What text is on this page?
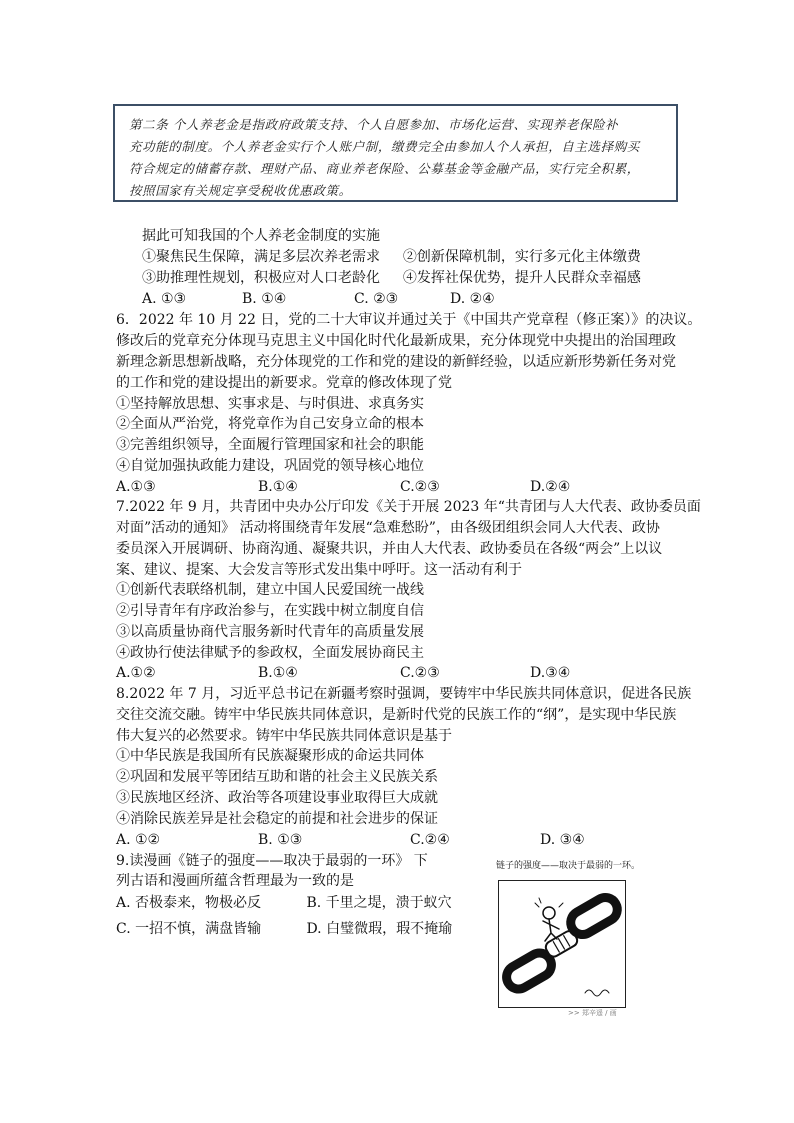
第二条 个人养老金是指政府政策支持、个人自愿参加、市场化运营、实现养老保险补

充功能的制度。个人养老金实行个人账户制，缴费完全由参加人个人承担，自主选择购买

符合规定的储蓄存款、理财产品、商业养老保险、公募基金等金融产品，实行完全积累，

按照国家有关规定享受税收优惠政策。

据此可知我国的个人养老金制度的实施
①聚焦民生保障，满足多层次养老需求 ②创新保障机制，实行多元化主体缴费
③助推理性规划，积极应对人口老龄化 ④发挥社保优势，提升人民群众幸福感
A. ①③	B. ①④	C. ②③	D. ②④
6．2022 年 10 月 22 日，党的二十大审议并通过关于《中国共产党章程（修正案）》的决议。
修改后的党章充分体现马克思主义中国化时代化最新成果，充分体现党中央提出的治国理政
新理念新思想新战略，充分体现党的工作和党的建设的新鲜经验，以适应新形势新任务对党
的工作和党的建设提出的新要求。党章的修改体现了党
①坚持解放思想、实事求是、与时俱进、求真务实
②全面从严治党，将党章作为自己安身立命的根本
③完善组织领导，全面履行管理国家和社会的职能
④自觉加强执政能力建设，巩固党的领导核心地位
A.①③	B.①④	C.②③	D.②④
7.2022 年 9 月，共青团中央办公厅印发《关于开展 2023 年“共青团与人大代表、政协委员面
对面”活动的通知》 活动将围绕青年发展“急难愁盼”，由各级团组织会同人大代表、政协
委员深入开展调研、协商沟通、凝聚共识，并由人大代表、政协委员在各级“两会”上以议
案、建议、提案、大会发言等形式发出集中呼吁。这一活动有利于
①创新代表联络机制，建立中国人民爱国统一战线
②引导青年有序政治参与，在实践中树立制度自信
③以高质量协商代言服务新时代青年的高质量发展
④政协行使法律赋予的参政权，全面发展协商民主
A.①②	B.①④	C.②③	D.③④
8.2022 年 7 月，习近平总书记在新疆考察时强调，要铸牢中华民族共同体意识，促进各民族
交往交流交融。铸牢中华民族共同体意识，是新时代党的民族工作的“纲”，是实现中华民族
伟大复兴的必然要求。铸牢中华民族共同体意识是基于
①中华民族是我国所有民族凝聚形成的命运共同体
②巩固和发展平等团结互助和谐的社会主义民族关系
③民族地区经济、政治等各项建设事业取得巨大成就
④消除民族差异是社会稳定的前提和社会进步的保证
A. ①②	B. ①③	C.②④	D. ③④
9.读漫画《链子的强度——取决于最弱的一环》 下
列古语和漫画所蕴含哲理最为一致的是
A. 否极泰来，物极必反	B. 千里之堤，溃于蚁穴
C. 一招不慎，满盘皆输	D. 白璧微瑕，瑕不掩瑜
链子的强度——取决于最弱的一环。
>> 郑辛遥 / 画
